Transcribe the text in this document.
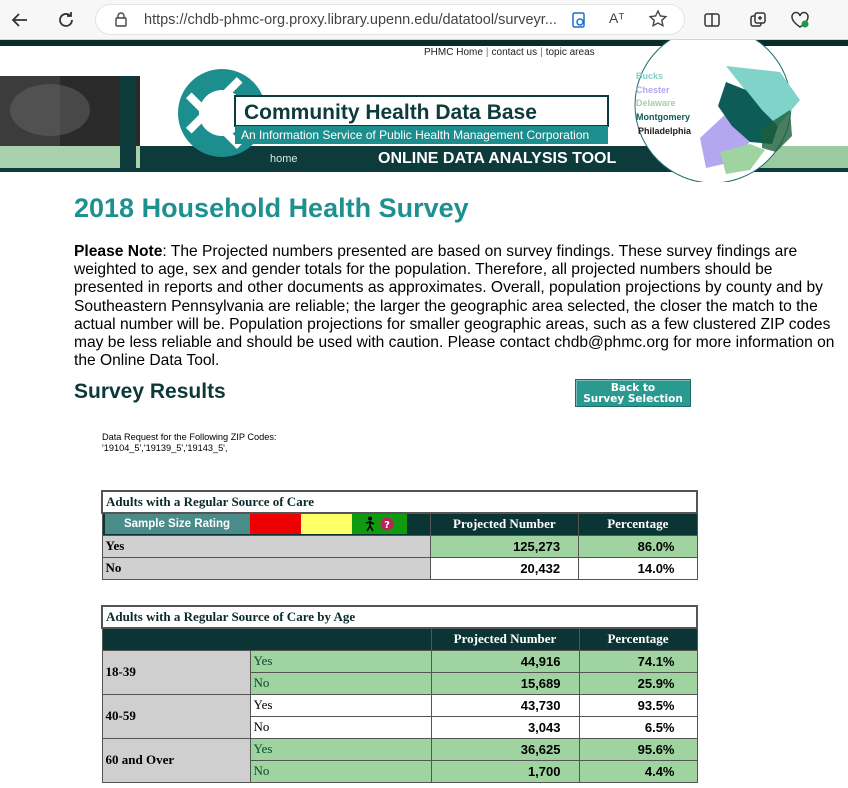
https://chdb-phmc-org.proxy.library.upenn.edu/datatool/surveyr...	Aᵀ
PHMC Home | contact us | topic areas
Community Health Data Base
An Information Service of Public Health Management Corporation
home	ONLINE DATA ANALYSIS TOOL
Bucks
Chester
Delaware
Montgomery
Philadelphia
2018 Household Health Survey

Please Note: The Projected numbers presented are based on survey findings. These survey findings are weighted to age, sex and gender totals for the population. Therefore, all projected numbers should be presented in reports and other documents as approximates. Overall, population projections by county and by Southeastern Pennsylvania are reliable; the larger the geographic area selected, the closer the match to the actual number will be. Population projections for smaller geographic areas, such as a few clustered ZIP codes may be less reliable and should be used with caution. Please contact chdb@phmc.org for more information on the Online Data Tool.

Survey Results	Back to
Survey Selection
Data Request for the Following ZIP Codes:
'19104_5','19139_5','19143_5',
Adults with a Regular Source of Care		

Sample Size Rating ?	Projected Number	Percentage
Yes	125,273	86.0%
No	20,432	14.0%
Adults with a Regular Source of Care by Age			
		Projected Number	Percentage
18-39	Yes	44,916	74.1%
	No	15,689	25.9%
40-59	Yes	43,730	93.5%
	No	3,043	6.5%
60 and Over	Yes	36,625	95.6%
	No	1,700	4.4%
